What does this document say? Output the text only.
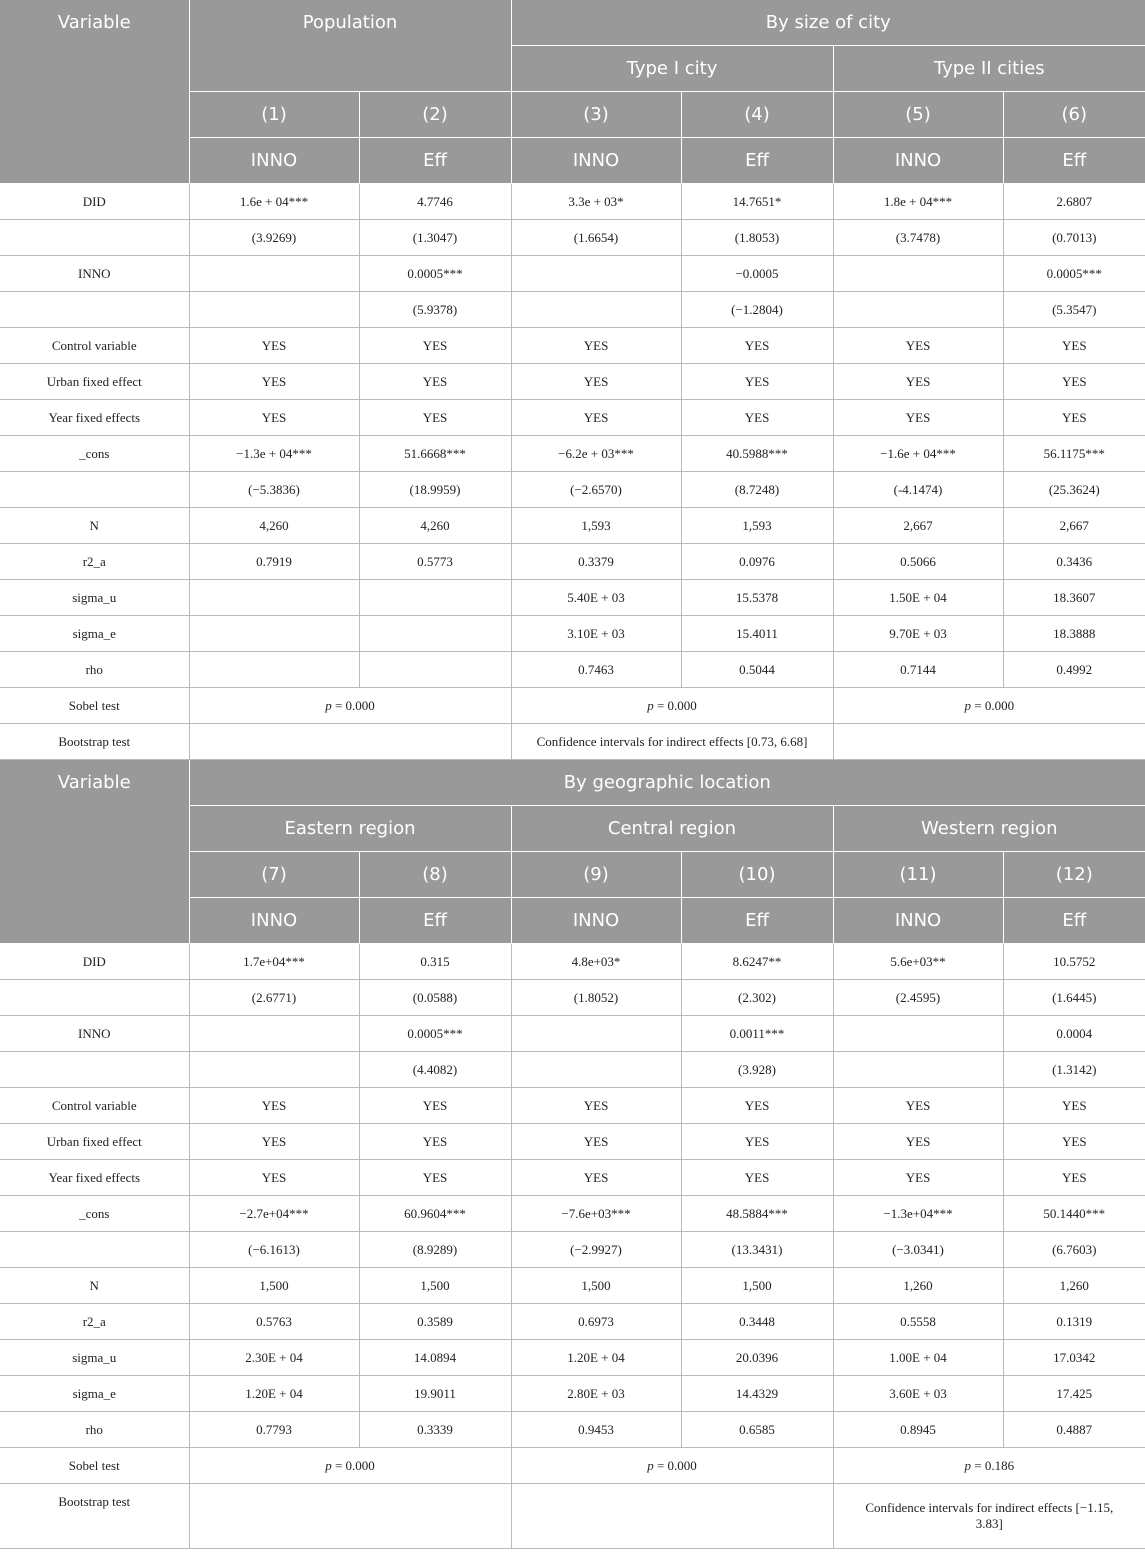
Variable	Population		By size of city			
			Type I city		Type II cities	
	(1)	(2)	(3)	(4)	(5)	(6)
	INNO	Eff	INNO	Eff	INNO	Eff
DID	1.6e + 04***	4.7746	3.3e + 03*	14.7651*	1.8e + 04***	2.6807
	(3.9269)	(1.3047)	(1.6654)	(1.8053)	(3.7478)	(0.7013)
INNO		0.0005***		−0.0005		0.0005***
		(5.9378)		(−1.2804)		(5.3547)
Control variable	YES	YES	YES	YES	YES	YES
Urban fixed effect	YES	YES	YES	YES	YES	YES
Year fixed effects	YES	YES	YES	YES	YES	YES
_cons	−1.3e + 04***	51.6668***	−6.2e + 03***	40.5988***	−1.6e + 04***	56.1175***
	(−5.3836)	(18.9959)	(−2.6570)	(8.7248)	(-4.1474)	(25.3624)
N	4,260	4,260	1,593	1,593	2,667	2,667
r2_a	0.7919	0.5773	0.3379	0.0976	0.5066	0.3436
sigma_u			5.40E + 03	15.5378	1.50E + 04	18.3607
sigma_e			3.10E + 03	15.4011	9.70E + 03	18.3888
rho			0.7463	0.5044	0.7144	0.4992
Sobel test	p = 0.000		p = 0.000		p = 0.000	
Bootstrap test			Confidence intervals for indirect effects [0.73, 6.68]			
Variable	By geographic location					
	Eastern region		Central region		Western region	
	(7)	(8)	(9)	(10)	(11)	(12)
	INNO	Eff	INNO	Eff	INNO	Eff
DID	1.7e+04***	0.315	4.8e+03*	8.6247**	5.6e+03**	10.5752
	(2.6771)	(0.0588)	(1.8052)	(2.302)	(2.4595)	(1.6445)
INNO		0.0005***		0.0011***		0.0004
		(4.4082)		(3.928)		(1.3142)
Control variable	YES	YES	YES	YES	YES	YES
Urban fixed effect	YES	YES	YES	YES	YES	YES
Year fixed effects	YES	YES	YES	YES	YES	YES
_cons	−2.7e+04***	60.9604***	−7.6e+03***	48.5884***	−1.3e+04***	50.1440***
	(−6.1613)	(8.9289)	(−2.9927)	(13.3431)	(−3.0341)	(6.7603)
N	1,500	1,500	1,500	1,500	1,260	1,260
r2_a	0.5763	0.3589	0.6973	0.3448	0.5558	0.1319
sigma_u	2.30E + 04	14.0894	1.20E + 04	20.0396	1.00E + 04	17.0342
sigma_e	1.20E + 04	19.9011	2.80E + 03	14.4329	3.60E + 03	17.425
rho	0.7793	0.3339	0.9453	0.6585	0.8945	0.4887
Sobel test	p = 0.000		p = 0.000		p = 0.186	
Bootstrap test					Confidence intervals for indirect effects [−1.15, 3.83]	
